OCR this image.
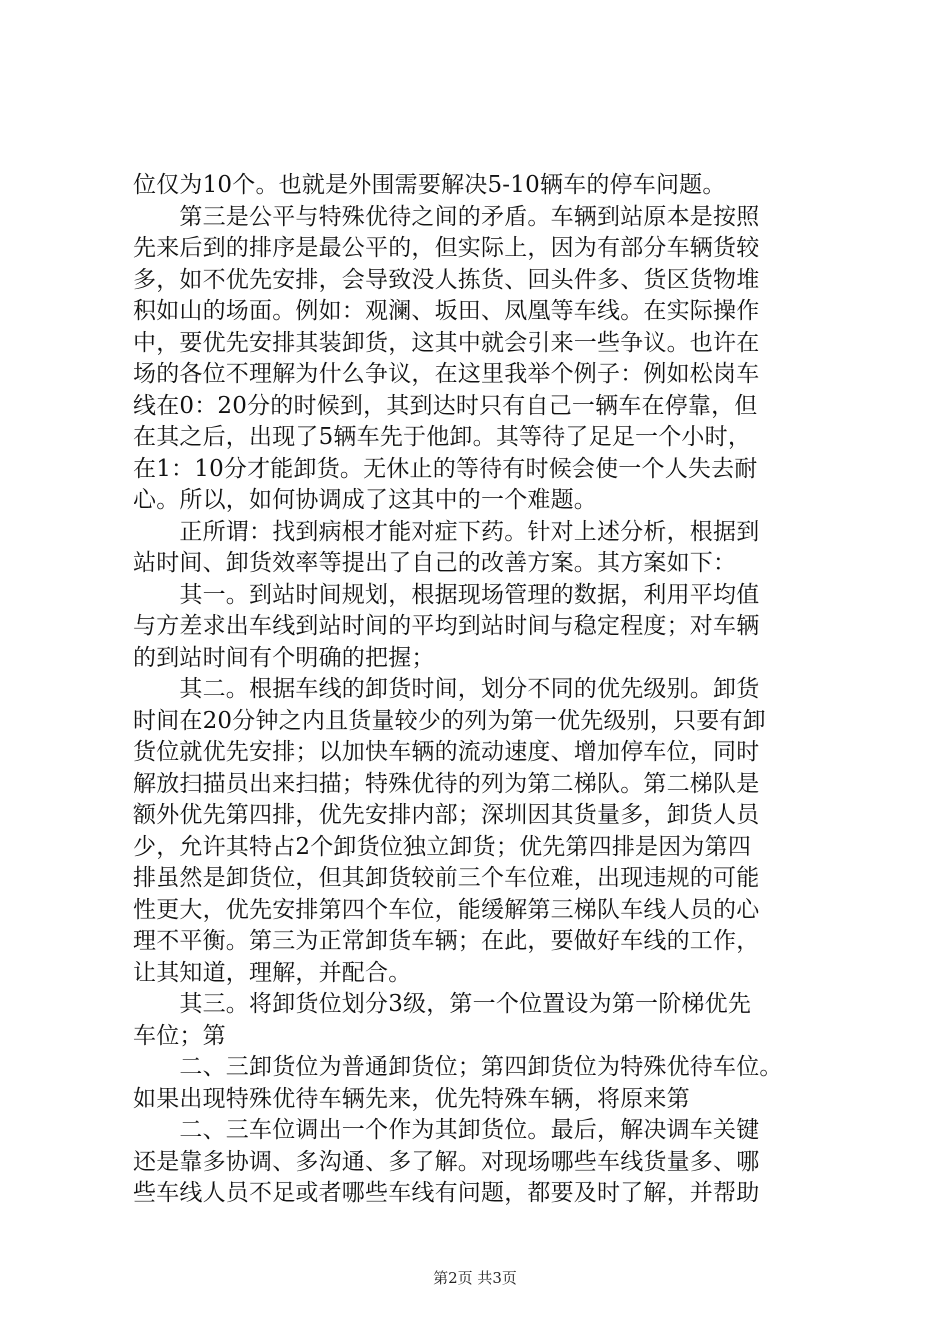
位仅为10个。也就是外围需要解决5-10辆车的停车问题。
　　第三是公平与特殊优待之间的矛盾。车辆到站原本是按照
先来后到的排序是最公平的，但实际上，因为有部分车辆货较
多，如不优先安排，会导致没人拣货、回头件多、货区货物堆
积如山的场面。例如：观澜、坂田、凤凰等车线。在实际操作
中，要优先安排其装卸货，这其中就会引来一些争议。也许在
场的各位不理解为什么争议，在这里我举个例子：例如松岗车
线在0：20分的时候到，其到达时只有自己一辆车在停靠，但
在其之后，出现了5辆车先于他卸。其等待了足足一个小时，
在1：10分才能卸货。无休止的等待有时候会使一个人失去耐
心。所以，如何协调成了这其中的一个难题。
　　正所谓：找到病根才能对症下药。针对上述分析，根据到
站时间、卸货效率等提出了自己的改善方案。其方案如下：
　　其一。到站时间规划，根据现场管理的数据，利用平均值
与方差求出车线到站时间的平均到站时间与稳定程度；对车辆
的到站时间有个明确的把握；
　　其二。根据车线的卸货时间，划分不同的优先级别。卸货
时间在20分钟之内且货量较少的列为第一优先级别，只要有卸
货位就优先安排；以加快车辆的流动速度、增加停车位，同时
解放扫描员出来扫描；特殊优待的列为第二梯队。第二梯队是
额外优先第四排，优先安排内部；深圳因其货量多，卸货人员
少，允许其特占2个卸货位独立卸货；优先第四排是因为第四
排虽然是卸货位，但其卸货较前三个车位难，出现违规的可能
性更大，优先安排第四个车位，能缓解第三梯队车线人员的心
理不平衡。第三为正常卸货车辆；在此，要做好车线的工作，
让其知道，理解，并配合。
　　其三。将卸货位划分3级，第一个位置设为第一阶梯优先
车位；第
　　二、三卸货位为普通卸货位；第四卸货位为特殊优待车位。
如果出现特殊优待车辆先来，优先特殊车辆，将原来第
　　二、三车位调出一个作为其卸货位。最后，解决调车关键
还是靠多协调、多沟通、多了解。对现场哪些车线货量多、哪
些车线人员不足或者哪些车线有问题，都要及时了解，并帮助
第2页 共3页
